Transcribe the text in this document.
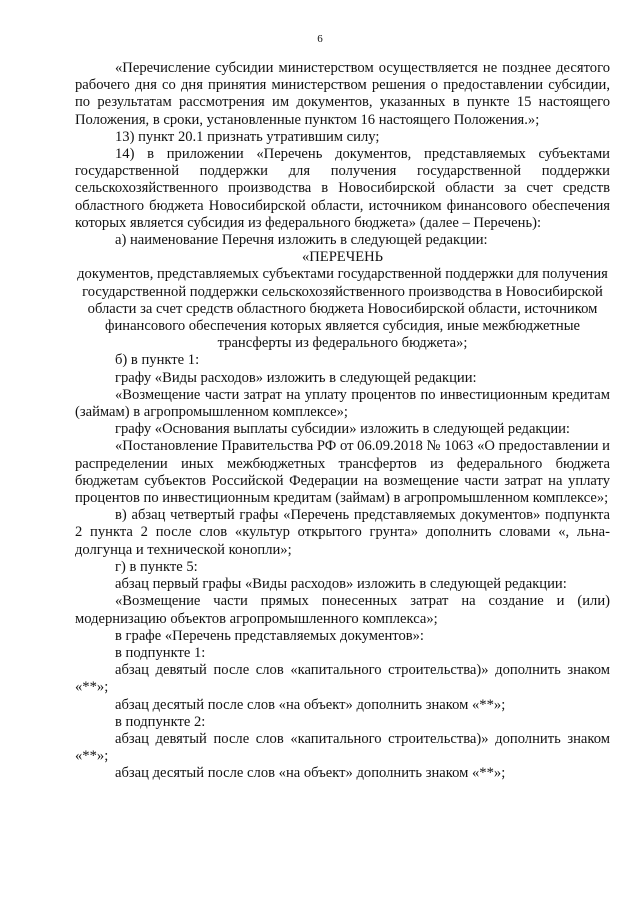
6

«Перечисление субсидии министерством осуществляется не позднее десятого рабочего дня со дня принятия министерством решения о предоставлении субсидии, по результатам рассмотрения им документов, указанных в пункте 15 настоящего Положения, в сроки, установленные пунктом 16 настоящего Положения.»;

13) пункт 20.1 признать утратившим силу;

14) в приложении «Перечень документов, представляемых субъектами государственной поддержки для получения государственной поддержки сельскохозяйственного производства в Новосибирской области за счет средств областного бюджета Новосибирской области, источником финансового обеспечения которых является субсидия из федерального бюджета» (далее – Перечень):

а) наименование Перечня изложить в следующей редакции:

«ПЕРЕЧЕНЬ

документов, представляемых субъектами государственной поддержки для получения государственной поддержки сельскохозяйственного производства в Новосибирской области за счет средств областного бюджета Новосибирской области, источником финансового обеспечения которых является субсидия, иные межбюджетные трансферты из федерального бюджета»;

б) в пункте 1:

графу «Виды расходов» изложить в следующей редакции:

«Возмещение части затрат на уплату процентов по инвестиционным кредитам (займам) в агропромышленном комплексе»;

графу «Основания выплаты субсидии» изложить в следующей редакции:

«Постановление Правительства РФ от 06.09.2018 № 1063 «О предоставлении и распределении иных межбюджетных трансфертов из федерального бюджета бюджетам субъектов Российской Федерации на возмещение части затрат на уплату процентов по инвестиционным кредитам (займам) в агропромышленном комплексе»;

в) абзац четвертый графы «Перечень представляемых документов» подпункта 2 пункта 2 после слов «культур открытого грунта» дополнить словами «, льна-долгунца и технической конопли»;

г) в пункте 5:

абзац первый графы «Виды расходов» изложить в следующей редакции:

«Возмещение части прямых понесенных затрат на создание и (или) модернизацию объектов агропромышленного комплекса»;

в графе «Перечень представляемых документов»:

в подпункте 1:

абзац девятый после слов «капитального строительства)» дополнить знаком «**»;

абзац десятый после слов «на объект» дополнить знаком «**»;

в подпункте 2:

абзац девятый после слов «капитального строительства)» дополнить знаком «**»;

абзац десятый после слов «на объект» дополнить знаком «**»;
